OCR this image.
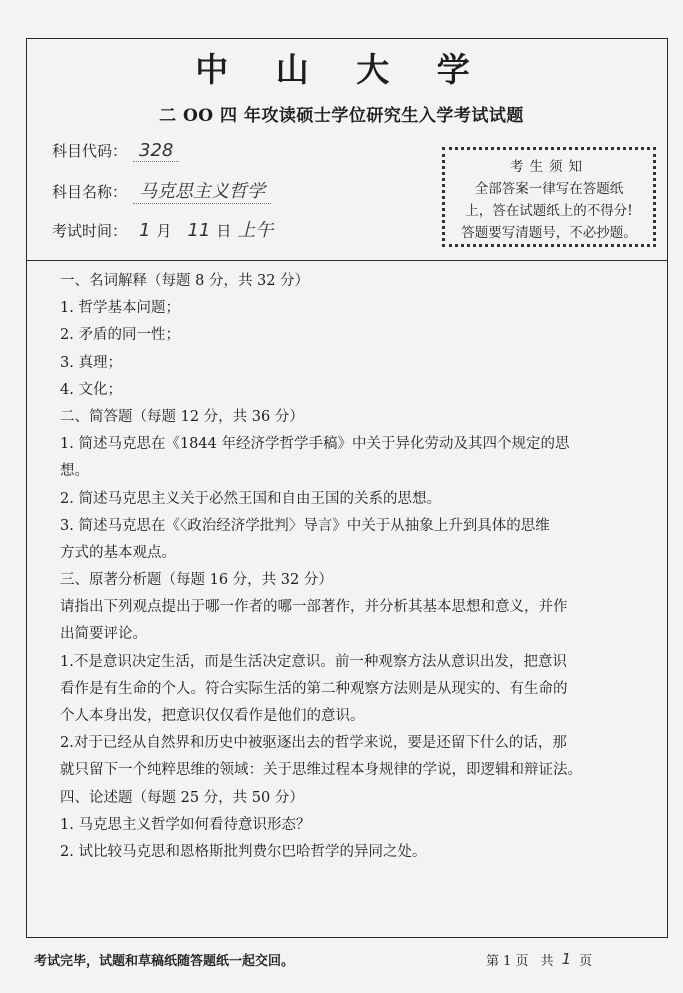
中 山 大 学
二 OO 四 年攻读硕士学位研究生入学考试试题
科目代码： 328
科目名称： 马克思主义哲学
考试时间： 1 月 11 日 上午
考生须知
全部答案一律写在答题纸
上，答在试题纸上的不得分!
答题要写清题号，不必抄题。
一、名词解释（每题 8 分，共 32 分）
1. 哲学基本问题；
2. 矛盾的同一性；
3. 真理；
4. 文化；
二、简答题（每题 12 分，共 36 分）
1. 简述马克思在《1844 年经济学哲学手稿》中关于异化劳动及其四个规定的思
想。
2. 简述马克思主义关于必然王国和自由王国的关系的思想。
3. 简述马克思在《〈政治经济学批判〉导言》中关于从抽象上升到具体的思维
方式的基本观点。
三、原著分析题（每题 16 分，共 32 分）
请指出下列观点提出于哪一作者的哪一部著作，并分析其基本思想和意义，并作
出简要评论。
1.不是意识决定生活，而是生活决定意识。前一种观察方法从意识出发，把意识
看作是有生命的个人。符合实际生活的第二种观察方法则是从现实的、有生命的
个人本身出发，把意识仅仅看作是他们的意识。
2.对于已经从自然界和历史中被驱逐出去的哲学来说，要是还留下什么的话，那
就只留下一个纯粹思维的领域：关于思维过程本身规律的学说，即逻辑和辩证法。
四、论述题（每题 25 分，共 50 分）
1. 马克思主义哲学如何看待意识形态？
2. 试比较马克思和恩格斯批判费尔巴哈哲学的异同之处。
考试完毕，试题和草稿纸随答题纸一起交回。	第 1 页 共 1 页
